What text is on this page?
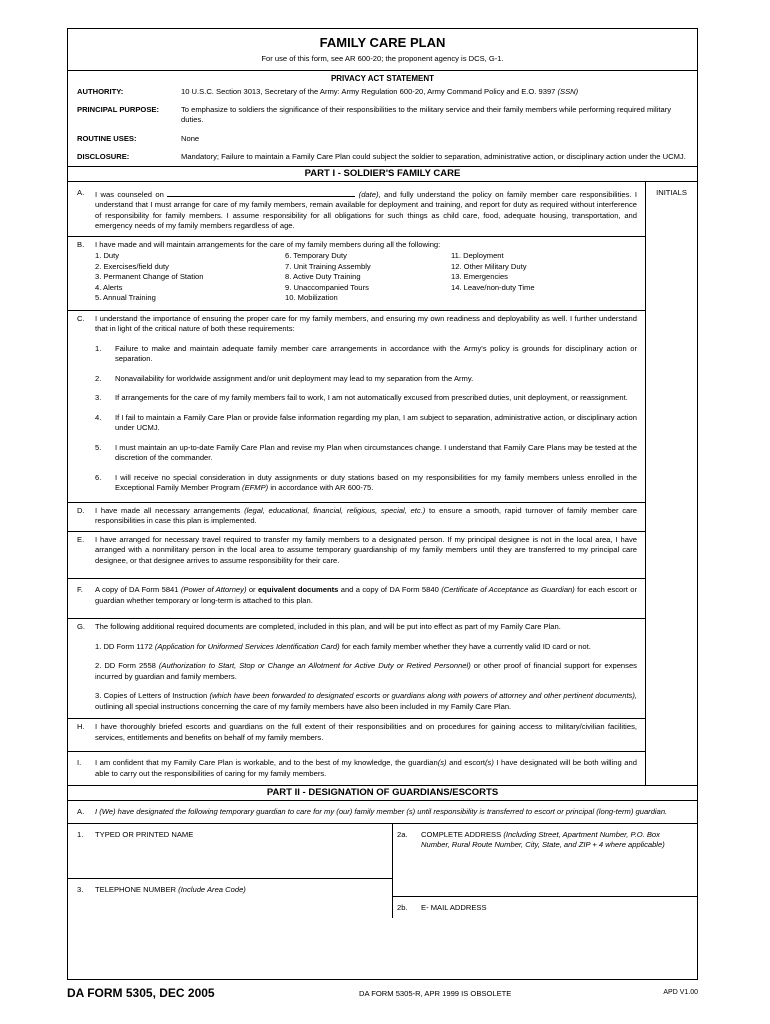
FAMILY CARE PLAN
For use of this form, see AR 600-20; the proponent agency is DCS, G-1.
PRIVACY ACT STATEMENT
AUTHORITY:	10 U.S.C. Section 3013, Secretary of the Army: Army Regulation 600-20, Army Command Policy and E.O. 9397 (SSN)
PRINCIPAL PURPOSE:	To emphasize to soldiers the significance of their responsibilities to the military service and their family members while performing required military duties.
ROUTINE USES:	None
DISCLOSURE:	Mandatory; Failure to maintain a Family Care Plan could subject the soldier to separation, administrative action, or disciplinary action under the UCMJ.
PART I - SOLDIER'S FAMILY CARE
A.	I was counseled on	(date), and fully understand the policy on family member care responsibilities. I understand that I must arrange for care of my family members, remain available for deployment and training, and report for duty as required without interference of responsibility for family members. I assume responsibility for all obligations for such things as child care, food, adequate housing, transportation, and emergency needs of my family members regardless of age.
B.	I have made and will maintain arrangements for the care of my family members during all the following:
1. Duty
2. Exercises/field duty
3. Permanent Change of Station
4. Alerts
5. Annual Training
6. Temporary Duty
7. Unit Training Assembly
8. Active Duty Training
9. Unaccompanied Tours
10. Mobilization
11. Deployment
12. Other Military Duty
13. Emergencies
14. Leave/non-duty Time
C.	I understand the importance of ensuring the proper care for my family members, and ensuring my own readiness and deployability as well. I further understand that in light of the critical nature of both these requirements:
1.	Failure to make and maintain adequate family member care arrangements in accordance with the Army's policy is grounds for disciplinary action or separation.
2.	Nonavailability for worldwide assignment and/or unit deployment may lead to my separation from the Army.
3.	If arrangements for the care of my family members fail to work, I am not automatically excused from prescribed duties, unit deployment, or reassignment.
4.	If I fail to maintain a Family Care Plan or provide false information regarding my plan, I am subject to separation, administrative action, or disciplinary action under UCMJ.
5.	I must maintain an up-to-date Family Care Plan and revise my Plan when circumstances change. I understand that Family Care Plans may be tested at the discretion of the commander.
6.	I will receive no special consideration in duty assignments or duty stations based on my responsibilities for my family members unless enrolled in the Exceptional Family Member Program (EFMP) in accordance with AR 600-75.
D.	I have made all necessary arrangements (legal, educational, financial, religious, special, etc.) to ensure a smooth, rapid turnover of family member care responsibilities in case this plan is implemented.
E.	I have arranged for necessary travel required to transfer my family members to a designated person. If my principal designee is not in the local area, I have arranged with a nonmilitary person in the local area to assume temporary guardianship of my family members until they are transferred to my principal care designee, or that designee arrives to assume responsibility for their care.
F.	A copy of DA Form 5841 (Power of Attorney) or equivalent documents and a copy of DA Form 5840 (Certificate of Acceptance as Guardian) for each escort or guardian whether temporary or long-term is attached to this plan.
G.	The following additional required documents are completed, included in this plan, and will be put into effect as part of my Family Care Plan.
1. DD Form 1172 (Application for Uniformed Services Identification Card) for each family member whether they have a currently valid ID card or not.
2. DD Form 2558 (Authorization to Start, Stop or Change an Allotment for Active Duty or Retired Personnel) or other proof of financial support for expenses incurred by guardian and family members.
3. Copies of Letters of Instruction (which have been forwarded to designated escorts or guardians along with powers of attorney and other pertinent documents), outlining all special instructions concerning the care of my family members have also been included in my Family Care Plan.
H.	I have thoroughly briefed escorts and guardians on the full extent of their responsibilities and on procedures for gaining access to military/civilian facilities, services, entitlements and benefits on behalf of my family members.
I.	I am confident that my Family Care Plan is workable, and to the best of my knowledge, the guardian(s) and escort(s) I have designated will be both willing and able to carry out the responsibilities of caring for my family members.
INITIALS
PART II - DESIGNATION OF GUARDIANS/ESCORTS
A.	I (We) have designated the following temporary guardian to care for my (our) family member (s) until responsibility is transferred to escort or principal (long-term) guardian.
1.	TYPED OR PRINTED NAME
3.	TELEPHONE NUMBER (Include Area Code)
2a.	COMPLETE ADDRESS (Including Street, Apartment Number, P.O. Box Number, Rural Route Number, City, State, and ZIP + 4 where applicable)
2b.	E- MAIL ADDRESS
DA FORM 5305, DEC 2005	DA FORM 5305-R, APR 1999 IS OBSOLETE	APD V1.00
